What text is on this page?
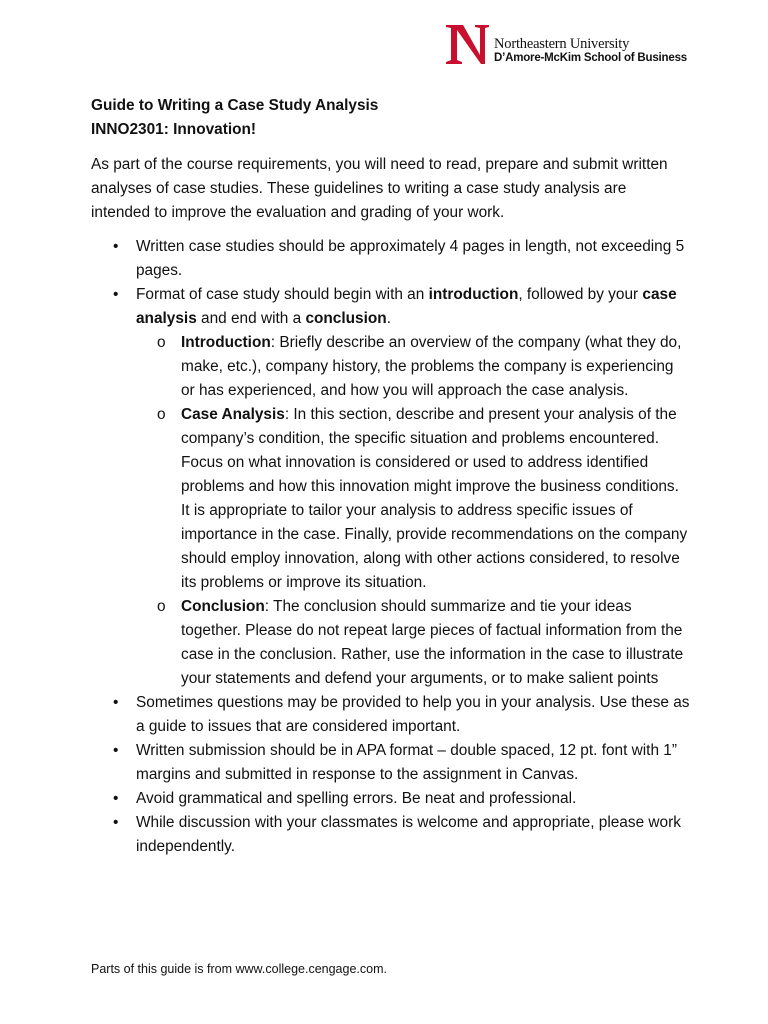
Northeastern University
D’Amore-McKim School of Business

Guide to Writing a Case Study Analysis

INNO2301: Innovation!

As part of the course requirements, you will need to read, prepare and submit written analyses of case studies. These guidelines to writing a case study analysis are intended to improve the evaluation and grading of your work.

• Written case studies should be approximately 4 pages in length, not exceeding 5 pages.
• Format of case study should begin with an introduction, followed by your case analysis and end with a conclusion.
o Introduction: Briefly describe an overview of the company (what they do, make, etc.), company history, the problems the company is experiencing or has experienced, and how you will approach the case analysis.
o Case Analysis: In this section, describe and present your analysis of the company’s condition, the specific situation and problems encountered. Focus on what innovation is considered or used to address identified problems and how this innovation might improve the business conditions. It is appropriate to tailor your analysis to address specific issues of importance in the case. Finally, provide recommendations on the company should employ innovation, along with other actions considered, to resolve its problems or improve its situation.
o Conclusion: The conclusion should summarize and tie your ideas together. Please do not repeat large pieces of factual information from the case in the conclusion. Rather, use the information in the case to illustrate your statements and defend your arguments, or to make salient points
• Sometimes questions may be provided to help you in your analysis. Use these as a guide to issues that are considered important.
• Written submission should be in APA format – double spaced, 12 pt. font with 1” margins and submitted in response to the assignment in Canvas.
• Avoid grammatical and spelling errors. Be neat and professional.
• While discussion with your classmates is welcome and appropriate, please work independently.
Parts of this guide is from www.college.cengage.com.
